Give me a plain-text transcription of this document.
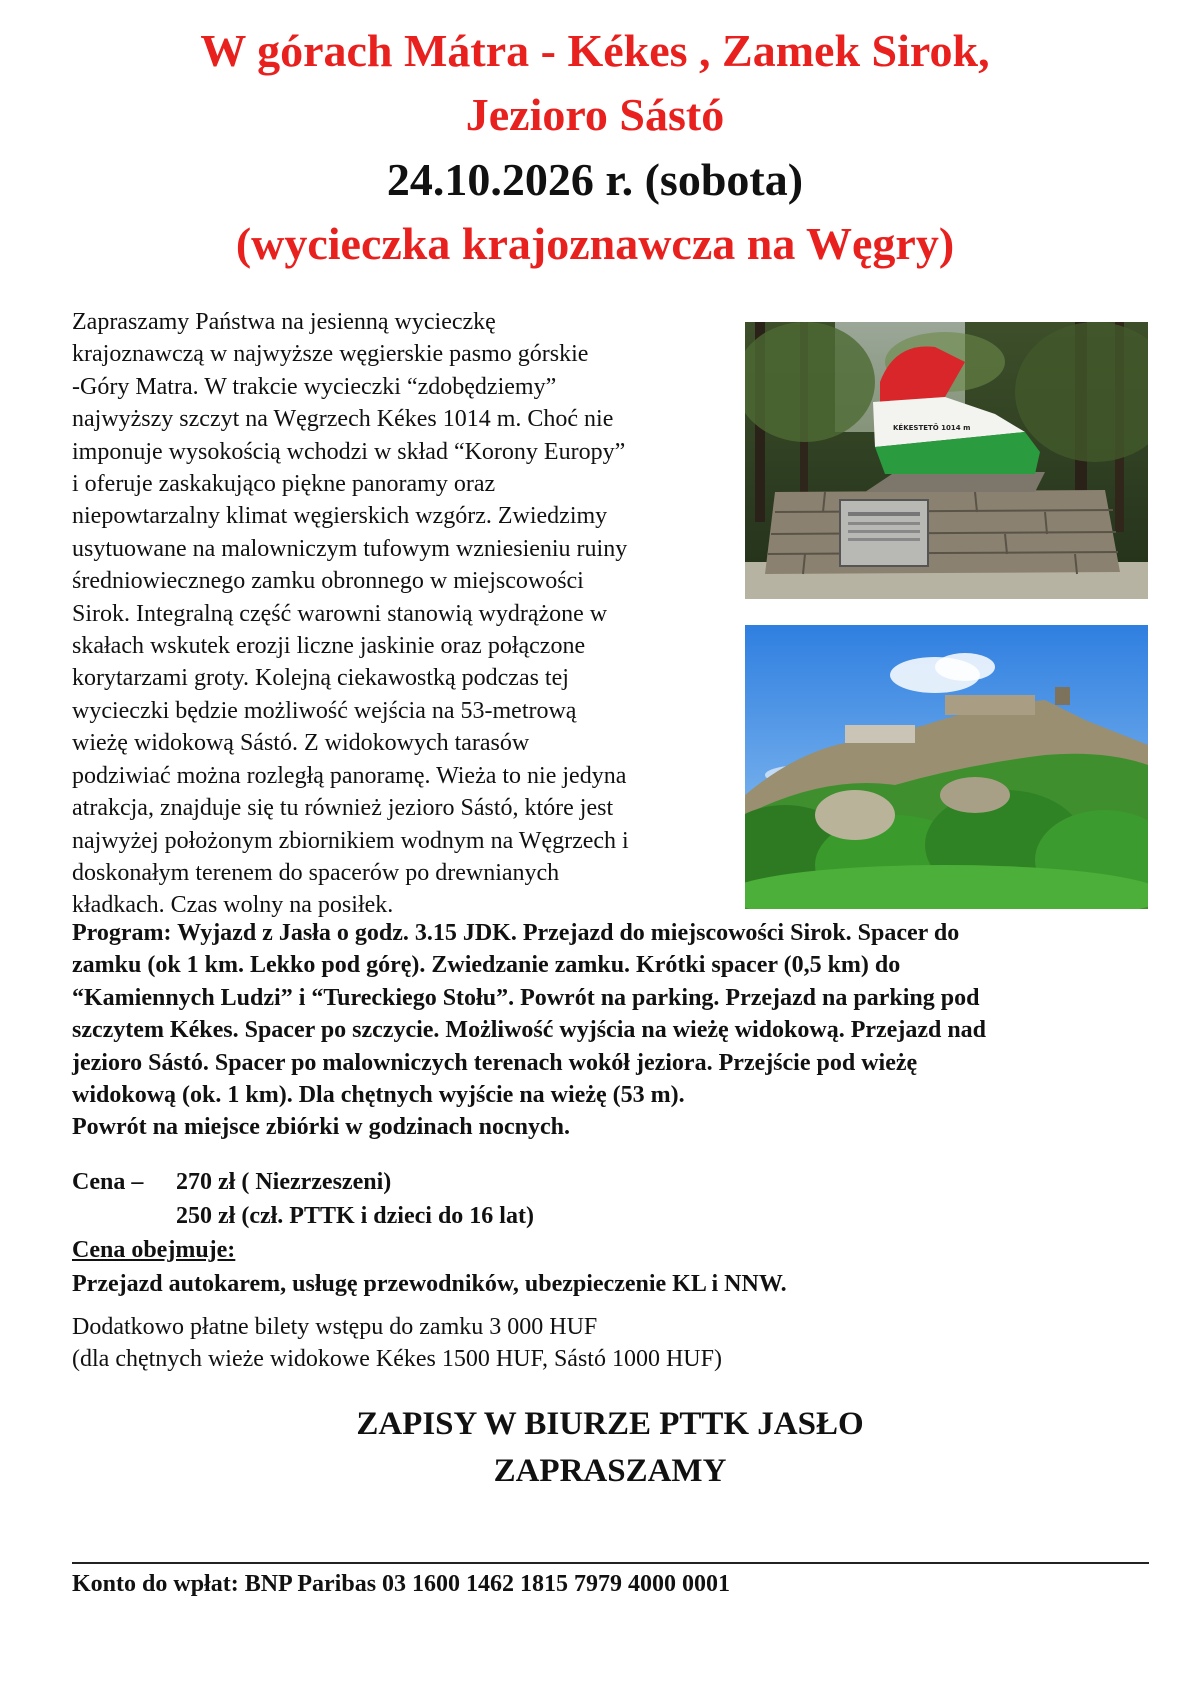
W górach Mátra - Kékes , Zamek Sirok,
Jezioro Sástó
24.10.2026 r. (sobota)
(wycieczka krajoznawcza na Węgry)
Zapraszamy Państwa na jesienną wycieczkę
krajoznawczą w najwyższe węgierskie pasmo górskie
-Góry Matra. W trakcie wycieczki “zdobędziemy”
najwyższy szczyt na Węgrzech Kékes 1014 m. Choć nie
imponuje wysokością wchodzi w skład “Korony Europy”
i oferuje zaskakująco piękne panoramy oraz
niepowtarzalny klimat węgierskich wzgórz. Zwiedzimy
usytuowane na malowniczym tufowym wzniesieniu ruiny
średniowiecznego zamku obronnego w miejscowości
Sirok. Integralną część warowni stanowią wydrążone w
skałach wskutek erozji liczne jaskinie oraz połączone
korytarzami groty. Kolejną ciekawostką podczas tej
wycieczki będzie możliwość wejścia na 53-metrową
wieżę widokową Sástó. Z widokowych tarasów
podziwiać można rozległą panoramę. Wieża to nie jedyna
atrakcja, znajduje się tu również jezioro Sástó, które jest
najwyżej położonym zbiornikiem wodnym na Węgrzech i
doskonałym terenem do spacerów po drewnianych
kładkach. Czas wolny na posiłek.
KÉKESTETŐ 1014 m
Program: Wyjazd z Jasła o godz. 3.15 JDK. Przejazd do miejscowości Sirok. Spacer do
zamku (ok 1 km. Lekko pod górę). Zwiedzanie zamku. Krótki spacer (0,5 km) do
“Kamiennych Ludzi” i “Tureckiego Stołu”. Powrót na parking. Przejazd na parking pod
szczytem Kékes. Spacer po szczycie. Możliwość wyjścia na wieżę widokową. Przejazd nad
jezioro Sástó. Spacer po malowniczych terenach wokół jeziora. Przejście pod wieżę
widokową (ok. 1 km). Dla chętnych wyjście na wieżę (53 m).
Powrót na miejsce zbiórki w godzinach nocnych.
Cena – 270 zł ( Niezrzeszeni)
250 zł (czł. PTTK i dzieci do 16 lat)
Cena obejmuje:
Przejazd autokarem, usługę przewodników, ubezpieczenie KL i NNW.
Dodatkowo płatne bilety wstępu do zamku 3 000 HUF
(dla chętnych wieże widokowe Kékes 1500 HUF, Sástó 1000 HUF)
ZAPISY W BIURZE PTTK JASŁO
ZAPRASZAMY
Konto do wpłat: BNP Paribas 03 1600 1462 1815 7979 4000 0001
